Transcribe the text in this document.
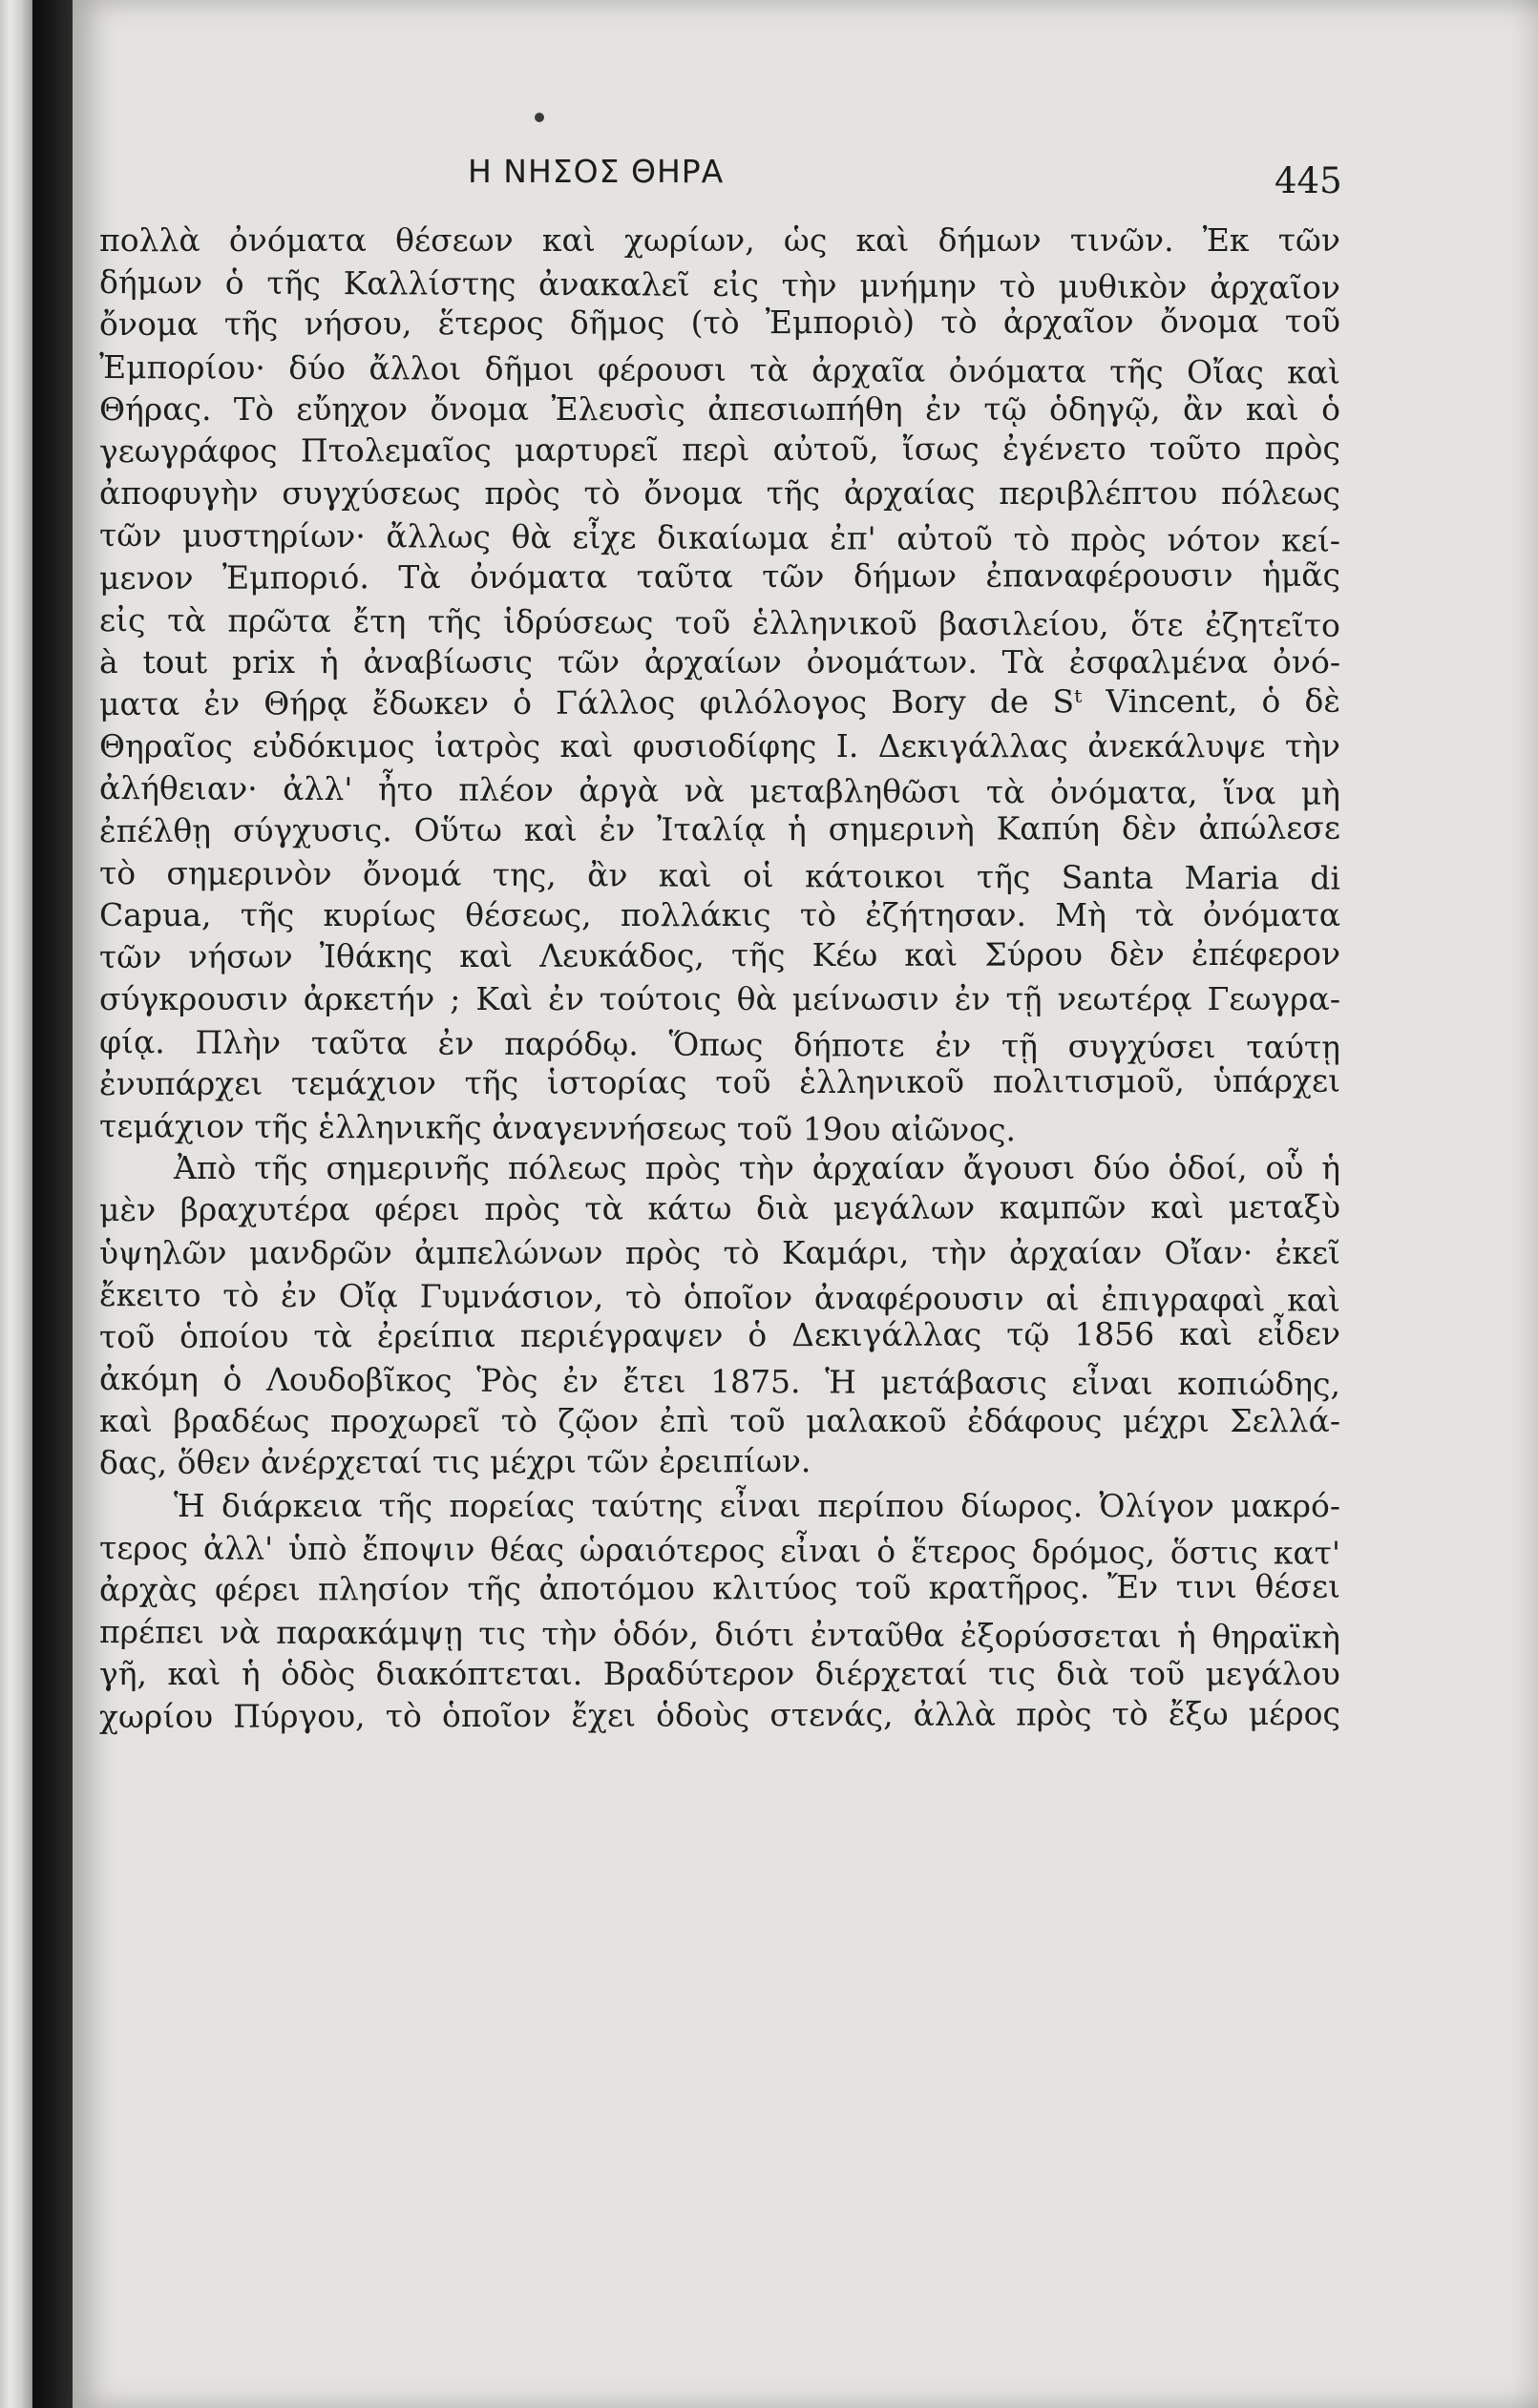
Η ΝΗΣΟΣ ΘΗΡΑ	445
πολλὰ ὀνόματα θέσεων καὶ χωρίων, ὡς καὶ δήμων τινῶν. Ἐκ τῶν
δήμων ὁ τῆς Καλλίστης ἀνακαλεῖ εἰς τὴν μνήμην τὸ μυθικὸν ἀρχαῖον
ὄνομα τῆς νήσου, ἕτερος δῆμος (τὸ Ἐμποριὸ) τὸ ἀρχαῖον ὄνομα τοῦ
Ἐμπορίου· δύο ἄλλοι δῆμοι φέρουσι τὰ ἀρχαῖα ὀνόματα τῆς Οἴας καὶ
Θήρας. Τὸ εὔηχον ὄνομα Ἐλευσὶς ἀπεσιωπήθη ἐν τῷ ὁδηγῷ, ἂν καὶ ὁ
γεωγράφος Πτολεμαῖος μαρτυρεῖ περὶ αὐτοῦ, ἴσως ἐγένετο τοῦτο πρὸς
ἀποφυγὴν συγχύσεως πρὸς τὸ ὄνομα τῆς ἀρχαίας περιβλέπτου πόλεως
τῶν μυστηρίων· ἄλλως θὰ εἶχε δικαίωμα ἐπ' αὐτοῦ τὸ πρὸς νότον κεί-
μενον Ἐμποριό. Τὰ ὀνόματα ταῦτα τῶν δήμων ἐπαναφέρουσιν ἡμᾶς
εἰς τὰ πρῶτα ἔτη τῆς ἱδρύσεως τοῦ ἑλληνικοῦ βασιλείου, ὅτε ἐζητεῖτο
à tout prix ἡ ἀναβίωσις τῶν ἀρχαίων ὀνομάτων. Τὰ ἐσφαλμένα ὀνό-
ματα ἐν Θήρᾳ ἔδωκεν ὁ Γάλλος φιλόλογος Bory de Sᵗ Vincent, ὁ δὲ
Θηραῖος εὐδόκιμος ἰατρὸς καὶ φυσιοδίφης Ι. Δεκιγάλλας ἀνεκάλυψε τὴν
ἀλήθειαν· ἀλλ' ἦτο πλέον ἀργὰ νὰ μεταβληθῶσι τὰ ὀνόματα, ἵνα μὴ
ἐπέλθῃ σύγχυσις. Οὕτω καὶ ἐν Ἰταλίᾳ ἡ σημερινὴ Καπύη δὲν ἀπώλεσε
τὸ σημερινὸν ὄνομά της, ἂν καὶ οἱ κάτοικοι τῆς Santa Maria di
Capua, τῆς κυρίως θέσεως, πολλάκις τὸ ἐζήτησαν. Μὴ τὰ ὀνόματα
τῶν νήσων Ἰθάκης καὶ Λευκάδος, τῆς Κέω καὶ Σύρου δὲν ἐπέφερον
σύγκρουσιν ἀρκετήν ; Καὶ ἐν τούτοις θὰ μείνωσιν ἐν τῇ νεωτέρᾳ Γεωγρα-
φίᾳ. Πλὴν ταῦτα ἐν παρόδῳ. Ὅπως δήποτε ἐν τῇ συγχύσει ταύτῃ
ἐνυπάρχει τεμάχιον τῆς ἱστορίας τοῦ ἑλληνικοῦ πολιτισμοῦ, ὑπάρχει
τεμάχιον τῆς ἑλληνικῆς ἀναγεννήσεως τοῦ 19ου αἰῶνος.
Ἀπὸ τῆς σημερινῆς πόλεως πρὸς τὴν ἀρχαίαν ἄγουσι δύο ὁδοί, οὗ ἡ
μὲν βραχυτέρα φέρει πρὸς τὰ κάτω διὰ μεγάλων καμπῶν καὶ μεταξὺ
ὑψηλῶν μανδρῶν ἀμπελώνων πρὸς τὸ Καμάρι, τὴν ἀρχαίαν Οἴαν· ἐκεῖ
ἔκειτο τὸ ἐν Οἴᾳ Γυμνάσιον, τὸ ὁποῖον ἀναφέρουσιν αἱ ἐπιγραφαὶ καὶ
τοῦ ὁποίου τὰ ἐρείπια περιέγραψεν ὁ Δεκιγάλλας τῷ 1856 καὶ εἶδεν
ἀκόμη ὁ Λουδοβῖκος Ῥὸς ἐν ἔτει 1875. Ἡ μετάβασις εἶναι κοπιώδης,
καὶ βραδέως προχωρεῖ τὸ ζῷον ἐπὶ τοῦ μαλακοῦ ἐδάφους μέχρι Σελλά-
δας, ὅθεν ἀνέρχεταί τις μέχρι τῶν ἐρειπίων.
Ἡ διάρκεια τῆς πορείας ταύτης εἶναι περίπου δίωρος. Ὀλίγον μακρό-
τερος ἀλλ' ὑπὸ ἔποψιν θέας ὡραιότερος εἶναι ὁ ἕτερος δρόμος, ὅστις κατ'
ἀρχὰς φέρει πλησίον τῆς ἀποτόμου κλιτύος τοῦ κρατῆρος. Ἔν τινι θέσει
πρέπει νὰ παρακάμψῃ τις τὴν ὁδόν, διότι ἐνταῦθα ἐξορύσσεται ἡ θηραϊκὴ
γῆ, καὶ ἡ ὁδὸς διακόπτεται. Βραδύτερον διέρχεταί τις διὰ τοῦ μεγάλου
χωρίου Πύργου, τὸ ὁποῖον ἔχει ὁδοὺς στενάς, ἀλλὰ πρὸς τὸ ἔξω μέρος
